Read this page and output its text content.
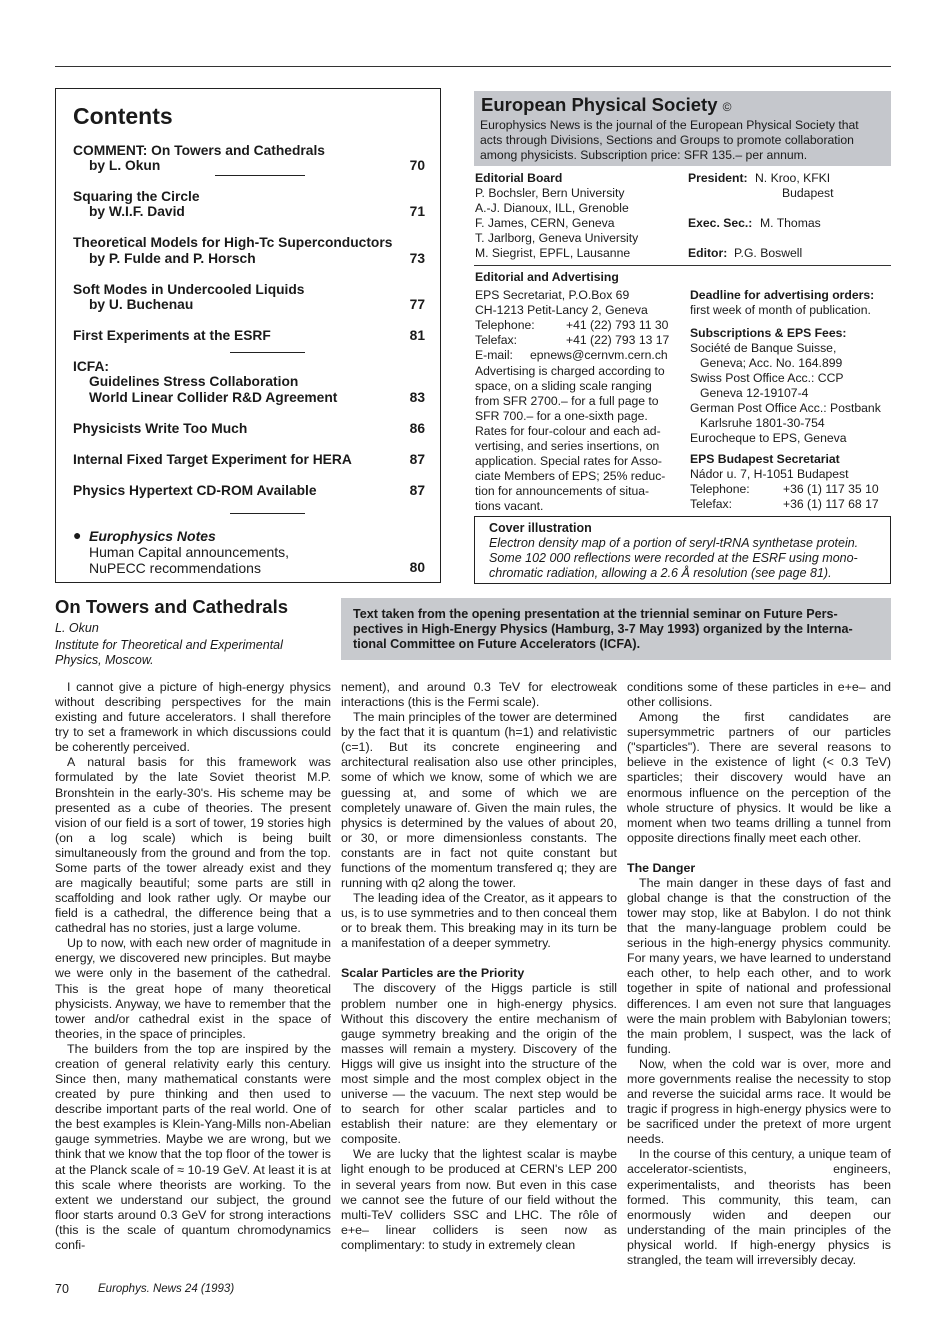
Contents
COMMENT: On Towers and Cathedrals
by L. Okun	70
Squaring the Circle
by W.I.F. David	71
Theoretical Models for High-Tc Superconductors
by P. Fulde and P. Horsch	73
Soft Modes in Undercooled Liquids
by U. Buchenau	77
First Experiments at the ESRF	81
ICFA:
Guidelines Stress Collaboration
World Linear Collider R&D Agreement	83
Physicists Write Too Much	86
Internal Fixed Target Experiment for HERA	87
Physics Hypertext CD-ROM Available	87
● Europhysics Notes
Human Capital announcements,
NuPECC recommendations	80
European Physical Society ©
Europhysics News is the journal of the European Physical Society that
acts through Divisions, Sections and Groups to promote collaboration
among physicists. Subscription price: SFR 135.– per annum.
Editorial Board
P. Bochsler, Bern University
A.-J. Dianoux, ILL, Grenoble
F. James, CERN, Geneva
T. Jarlborg, Geneva University
M. Siegrist, EPFL, Lausanne
President: N. Kroo, KFKI
Budapest
Exec. Sec.: M. Thomas
Editor: P.G. Boswell
Editorial and Advertising
EPS Secretariat, P.O.Box 69
CH-1213 Petit-Lancy 2, Geneva
Telephone:	+41 (22) 793 11 30
Telefax:	+41 (22) 793 13 17
E-mail: epnews@cernvm.cern.ch
Advertising is charged according to
space, on a sliding scale ranging
from SFR 2700.– for a full page to
SFR 700.– for a one-sixth page.
Rates for four-colour and each ad-
vertising, and series insertions, on
application. Special rates for Asso-
ciate Members of EPS; 25% reduc-
tion for announcements of situa-
tions vacant.
Deadline for advertising orders:
first week of month of publication.
Subscriptions & EPS Fees:
Société de Banque Suisse,
Geneva; Acc. No. 164.899
Swiss Post Office Acc.: CCP
Geneva 12-19107-4
German Post Office Acc.: Postbank
Karlsruhe 1801-30-754
Eurocheque to EPS, Geneva
EPS Budapest Secretariat
Nádor u. 7, H-1051 Budapest
Telephone:	+36 (1) 117 35 10
Telefax:	+36 (1) 117 68 17
Cover illustration
Electron density map of a portion of seryl-tRNA synthetase protein.
Some 102 000 reflections were recorded at the ESRF using mono-
chromatic radiation, allowing a 2.6 Å resolution (see page 81).
On Towers and Cathedrals
L. Okun
Institute for Theoretical and Experimental
Physics, Moscow.
Text taken from the opening presentation at the triennial seminar on Future Pers-
pectives in High-Energy Physics (Hamburg, 3-7 May 1993) organized by the Interna-
tional Committee on Future Accelerators (ICFA).

I cannot give a picture of high-energy physics without describing perspectives for the main existing and future accelerators. I shall therefore try to set a framework in which discussions could be coherently perceived.

A natural basis for this framework was formulated by the late Soviet theorist M.P. Bronshtein in the early-30's. His scheme may be presented as a cube of theories. The present vision of our field is a sort of tower, 19 stories high (on a log scale) which is being built simultaneously from the ground and from the top. Some parts of the tower already exist and they are magically beautiful; some parts are still in scaffolding and look rather ugly. Or maybe our field is a cathedral, the difference being that a cathedral has no stories, just a large volume.

Up to now, with each new order of magnitude in energy, we discovered new principles. But maybe we were only in the basement of the cathedral. This is the great hope of many theoretical physicists. Anyway, we have to remember that the tower and/or cathedral exist in the space of theories, in the space of principles.

The builders from the top are inspired by the creation of general relativity early this century. Since then, many mathematical constants were created by pure thinking and then used to describe important parts of the real world. One of the best examples is Klein-Yang-Mills non-Abelian gauge symmetries. Maybe we are wrong, but we think that we know that the top floor of the tower is at the Planck scale of ≈ 10-19 GeV. At least it is at this scale where theorists are working. To the extent we understand our subject, the ground floor starts around 0.3 GeV for strong interactions (this is the scale of quantum chromodynamics confi-

nement), and around 0.3 TeV for electroweak interactions (this is the Fermi scale).

The main principles of the tower are determined by the fact that it is quantum (h=1) and relativistic (c=1). But its concrete engineering and architectural realisation also use other principles, some of which we know, some of which we are guessing at, and some of which we are completely unaware of. Given the main rules, the physics is determined by the values of about 20, or 30, or more dimensionless constants. The constants are in fact not quite constant but functions of the momentum transfered q; they are running with q2 along the tower.

The leading idea of the Creator, as it appears to us, is to use symmetries and to then conceal them or to break them. This breaking may in its turn be a manifestation of a deeper symmetry.

Scalar Particles are the Priority

The discovery of the Higgs particle is still problem number one in high-energy physics. Without this discovery the entire mechanism of gauge symmetry breaking and the origin of the masses will remain a mystery. Discovery of the Higgs will give us insight into the structure of the most simple and the most complex object in the universe — the vacuum. The next step would be to search for other scalar particles and to establish their nature: are they elementary or composite.

We are lucky that the lightest scalar is maybe light enough to be produced at CERN's LEP 200 in several years from now. But even in this case we cannot see the future of our field without the multi-TeV colliders SSC and LHC. The rôle of e+e– linear colliders is seen now as complimentary: to study in extremely clean

conditions some of these particles in e+e– and other collisions.

Among the first candidates are supersymmetric partners of our particles ("sparticles"). There are several reasons to believe in the existence of light (< 0.3 TeV) sparticles; their discovery would have an enormous influence on the perception of the whole structure of physics. It would be like a moment when two teams drilling a tunnel from opposite directions finally meet each other.

The Danger

The main danger in these days of fast and global change is that the construction of the tower may stop, like at Babylon. I do not think that the many-language problem could be serious in the high-energy physics community. For many years, we have learned to understand each other, to help each other, and to work together in spite of national and professional differences. I am even not sure that languages were the main problem with Babylonian towers; the main problem, I suspect, was the lack of funding.

Now, when the cold war is over, more and more governments realise the necessity to stop and reverse the suicidal arms race. It would be tragic if progress in high-energy physics were to be sacrificed under the pretext of more urgent needs.

In the course of this century, a unique team of accelerator-scientists, engineers, experimentalists, and theorists has been formed. This community, this team, can enormously widen and deepen our understanding of the main principles of the physical world. If high-energy physics is strangled, the team will irreversibly decay.

70	Europhys. News 24 (1993)
